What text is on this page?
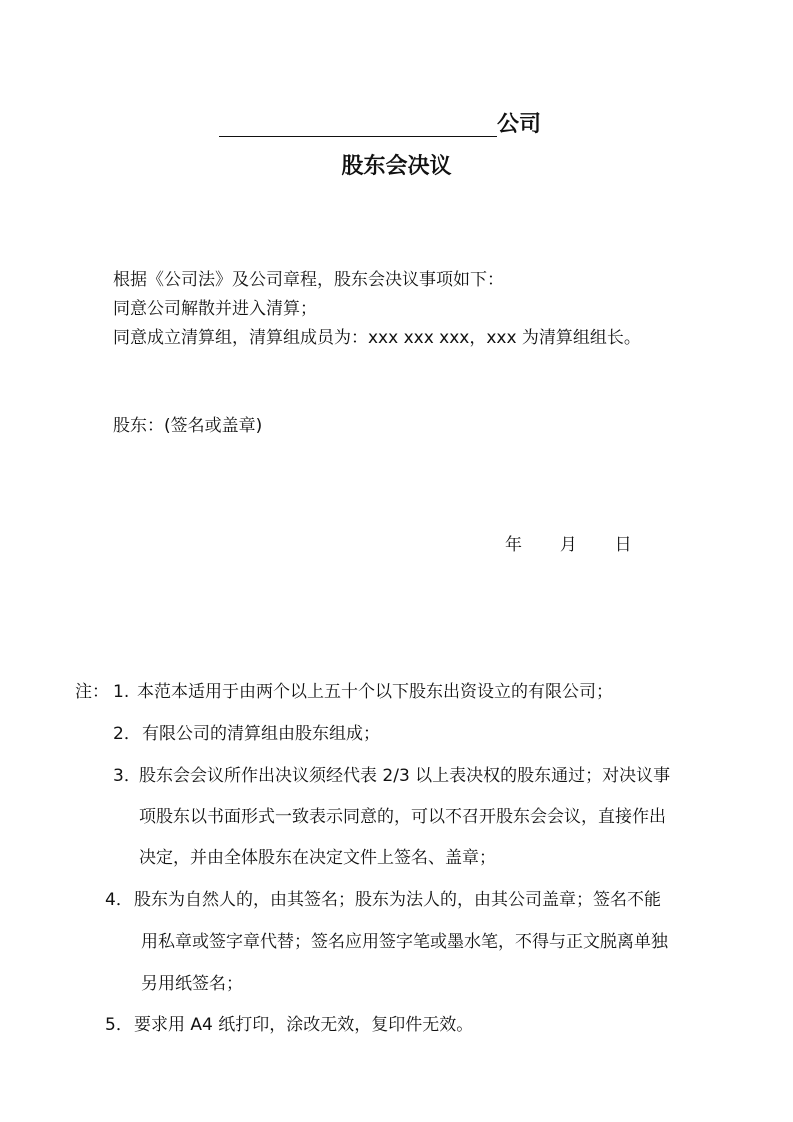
公司
股东会决议
根据《公司法》及公司章程，股东会决议事项如下：
同意公司解散并进入清算；
同意成立清算组，清算组成员为：xxx xxx xxx，xxx 为清算组组长。
股东：(签名或盖章)
年       月       日
注： 1. 本范本适用于由两个以上五十个以下股东出资设立的有限公司；
2． 有限公司的清算组由股东组成；
3．
股东会会议所作出决议须经代表 2/3 以上表决权的股东通过；对决议事
项股东以书面形式一致表示同意的，可以不召开股东会会议，直接作出
决定，并由全体股东在决定文件上签名、盖章；
4． 股东为自然人的，由其签名；股东为法人的，由其公司盖章；签名不能
用私章或签字章代替；签名应用签字笔或墨水笔，不得与正文脱离单独
另用纸签名；
5． 要求用 A4 纸打印，涂改无效，复印件无效。
